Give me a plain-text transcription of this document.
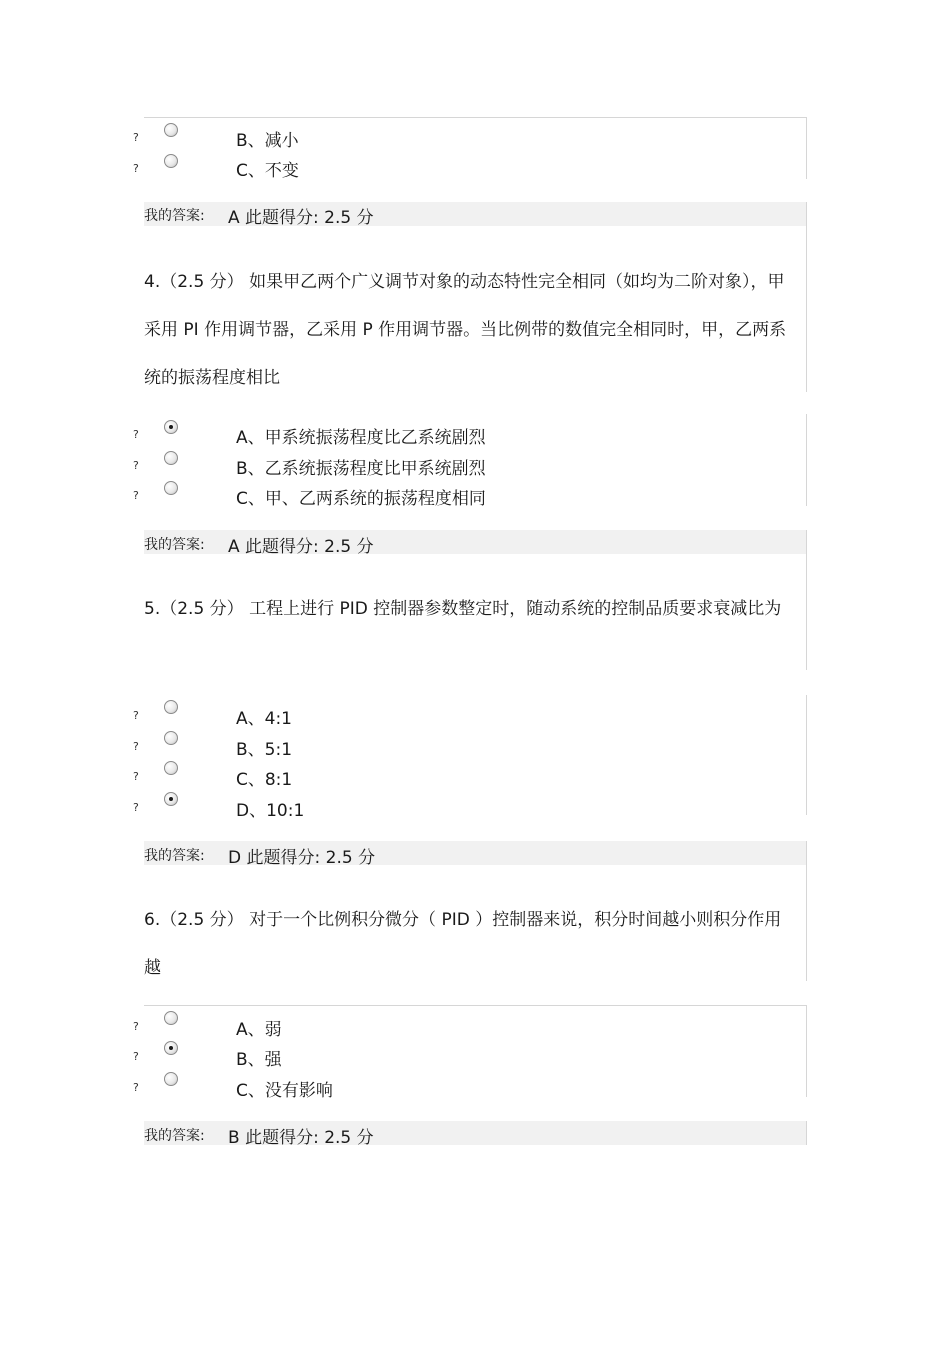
?	B、减小
?	C、不变
我的答案: A 此题得分: 2.5 分
4.（2.5 分） 如果甲乙两个广义调节对象的动态特性完全相同（如均为二阶对象），甲采用 PI 作用调节器，乙采用 P 作用调节器。当比例带的数值完全相同时，甲，乙两系统的振荡程度相比
?	A、甲系统振荡程度比乙系统剧烈
?	B、乙系统振荡程度比甲系统剧烈
?	C、甲、乙两系统的振荡程度相同
我的答案: A 此题得分: 2.5 分
5.（2.5 分） 工程上进行 PID 控制器参数整定时，随动系统的控制品质要求衰减比为
?	A、4:1
?	B、5:1
?	C、8:1
?	D、10:1
我的答案: D 此题得分: 2.5 分
6.（2.5 分） 对于一个比例积分微分（ PID ）控制器来说，积分时间越小则积分作用越
?	A、弱
?	B、强
?	C、没有影响
我的答案: B 此题得分: 2.5 分
